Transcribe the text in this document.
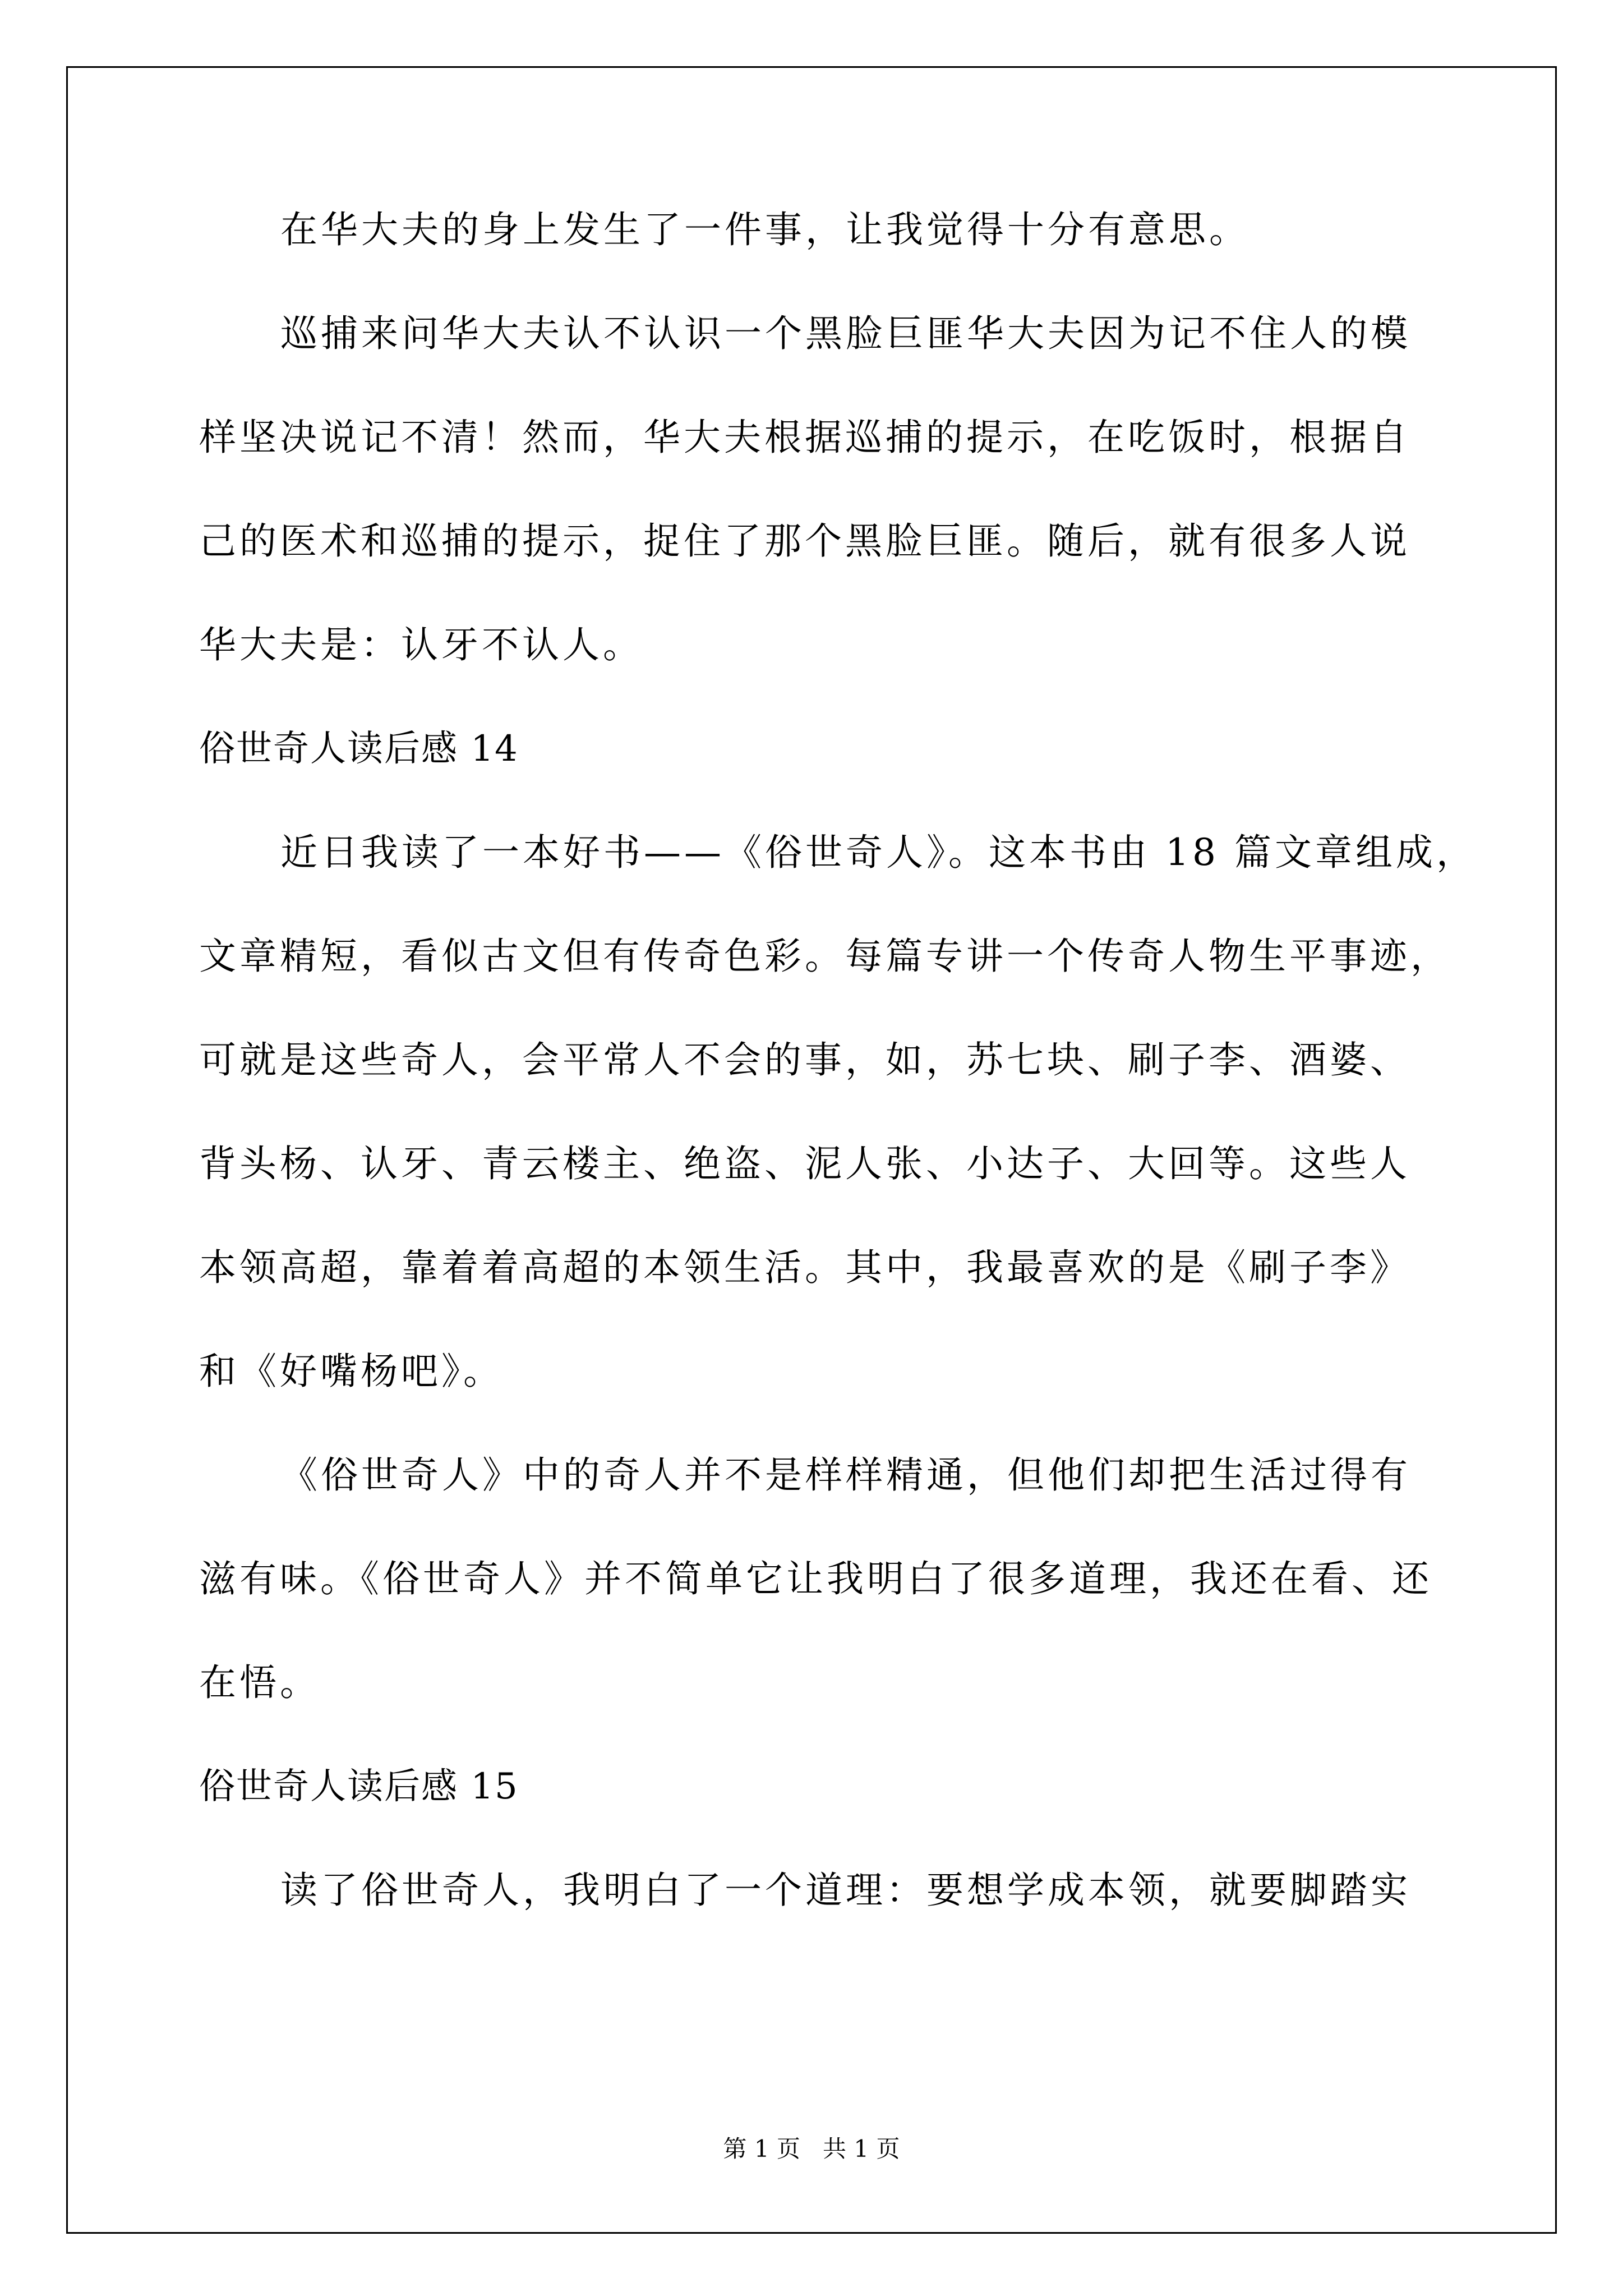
在华大夫的身上发生了一件事，让我觉得十分有意思。
巡捕来问华大夫认不认识一个黑脸巨匪华大夫因为记不住人的模
样坚决说记不清！然而，华大夫根据巡捕的提示，在吃饭时，根据自
己的医术和巡捕的提示，捉住了那个黑脸巨匪。随后，就有很多人说
华大夫是：认牙不认人。
俗世奇人读后感 14
近日我读了一本好书——《俗世奇人》。这本书由 18 篇文章组成，
文章精短，看似古文但有传奇色彩。每篇专讲一个传奇人物生平事迹，
可就是这些奇人，会平常人不会的事，如，苏七块、刷子李、酒婆、
背头杨、认牙、青云楼主、绝盗、泥人张、小达子、大回等。这些人
本领高超，靠着着高超的本领生活。其中，我最喜欢的是《刷子李》
和《好嘴杨吧》。
《俗世奇人》中的奇人并不是样样精通，但他们却把生活过得有
滋有味。《俗世奇人》并不简单它让我明白了很多道理，我还在看、还
在悟。
俗世奇人读后感 15
读了俗世奇人，我明白了一个道理：要想学成本领，就要脚踏实
第 1 页   共 1 页
